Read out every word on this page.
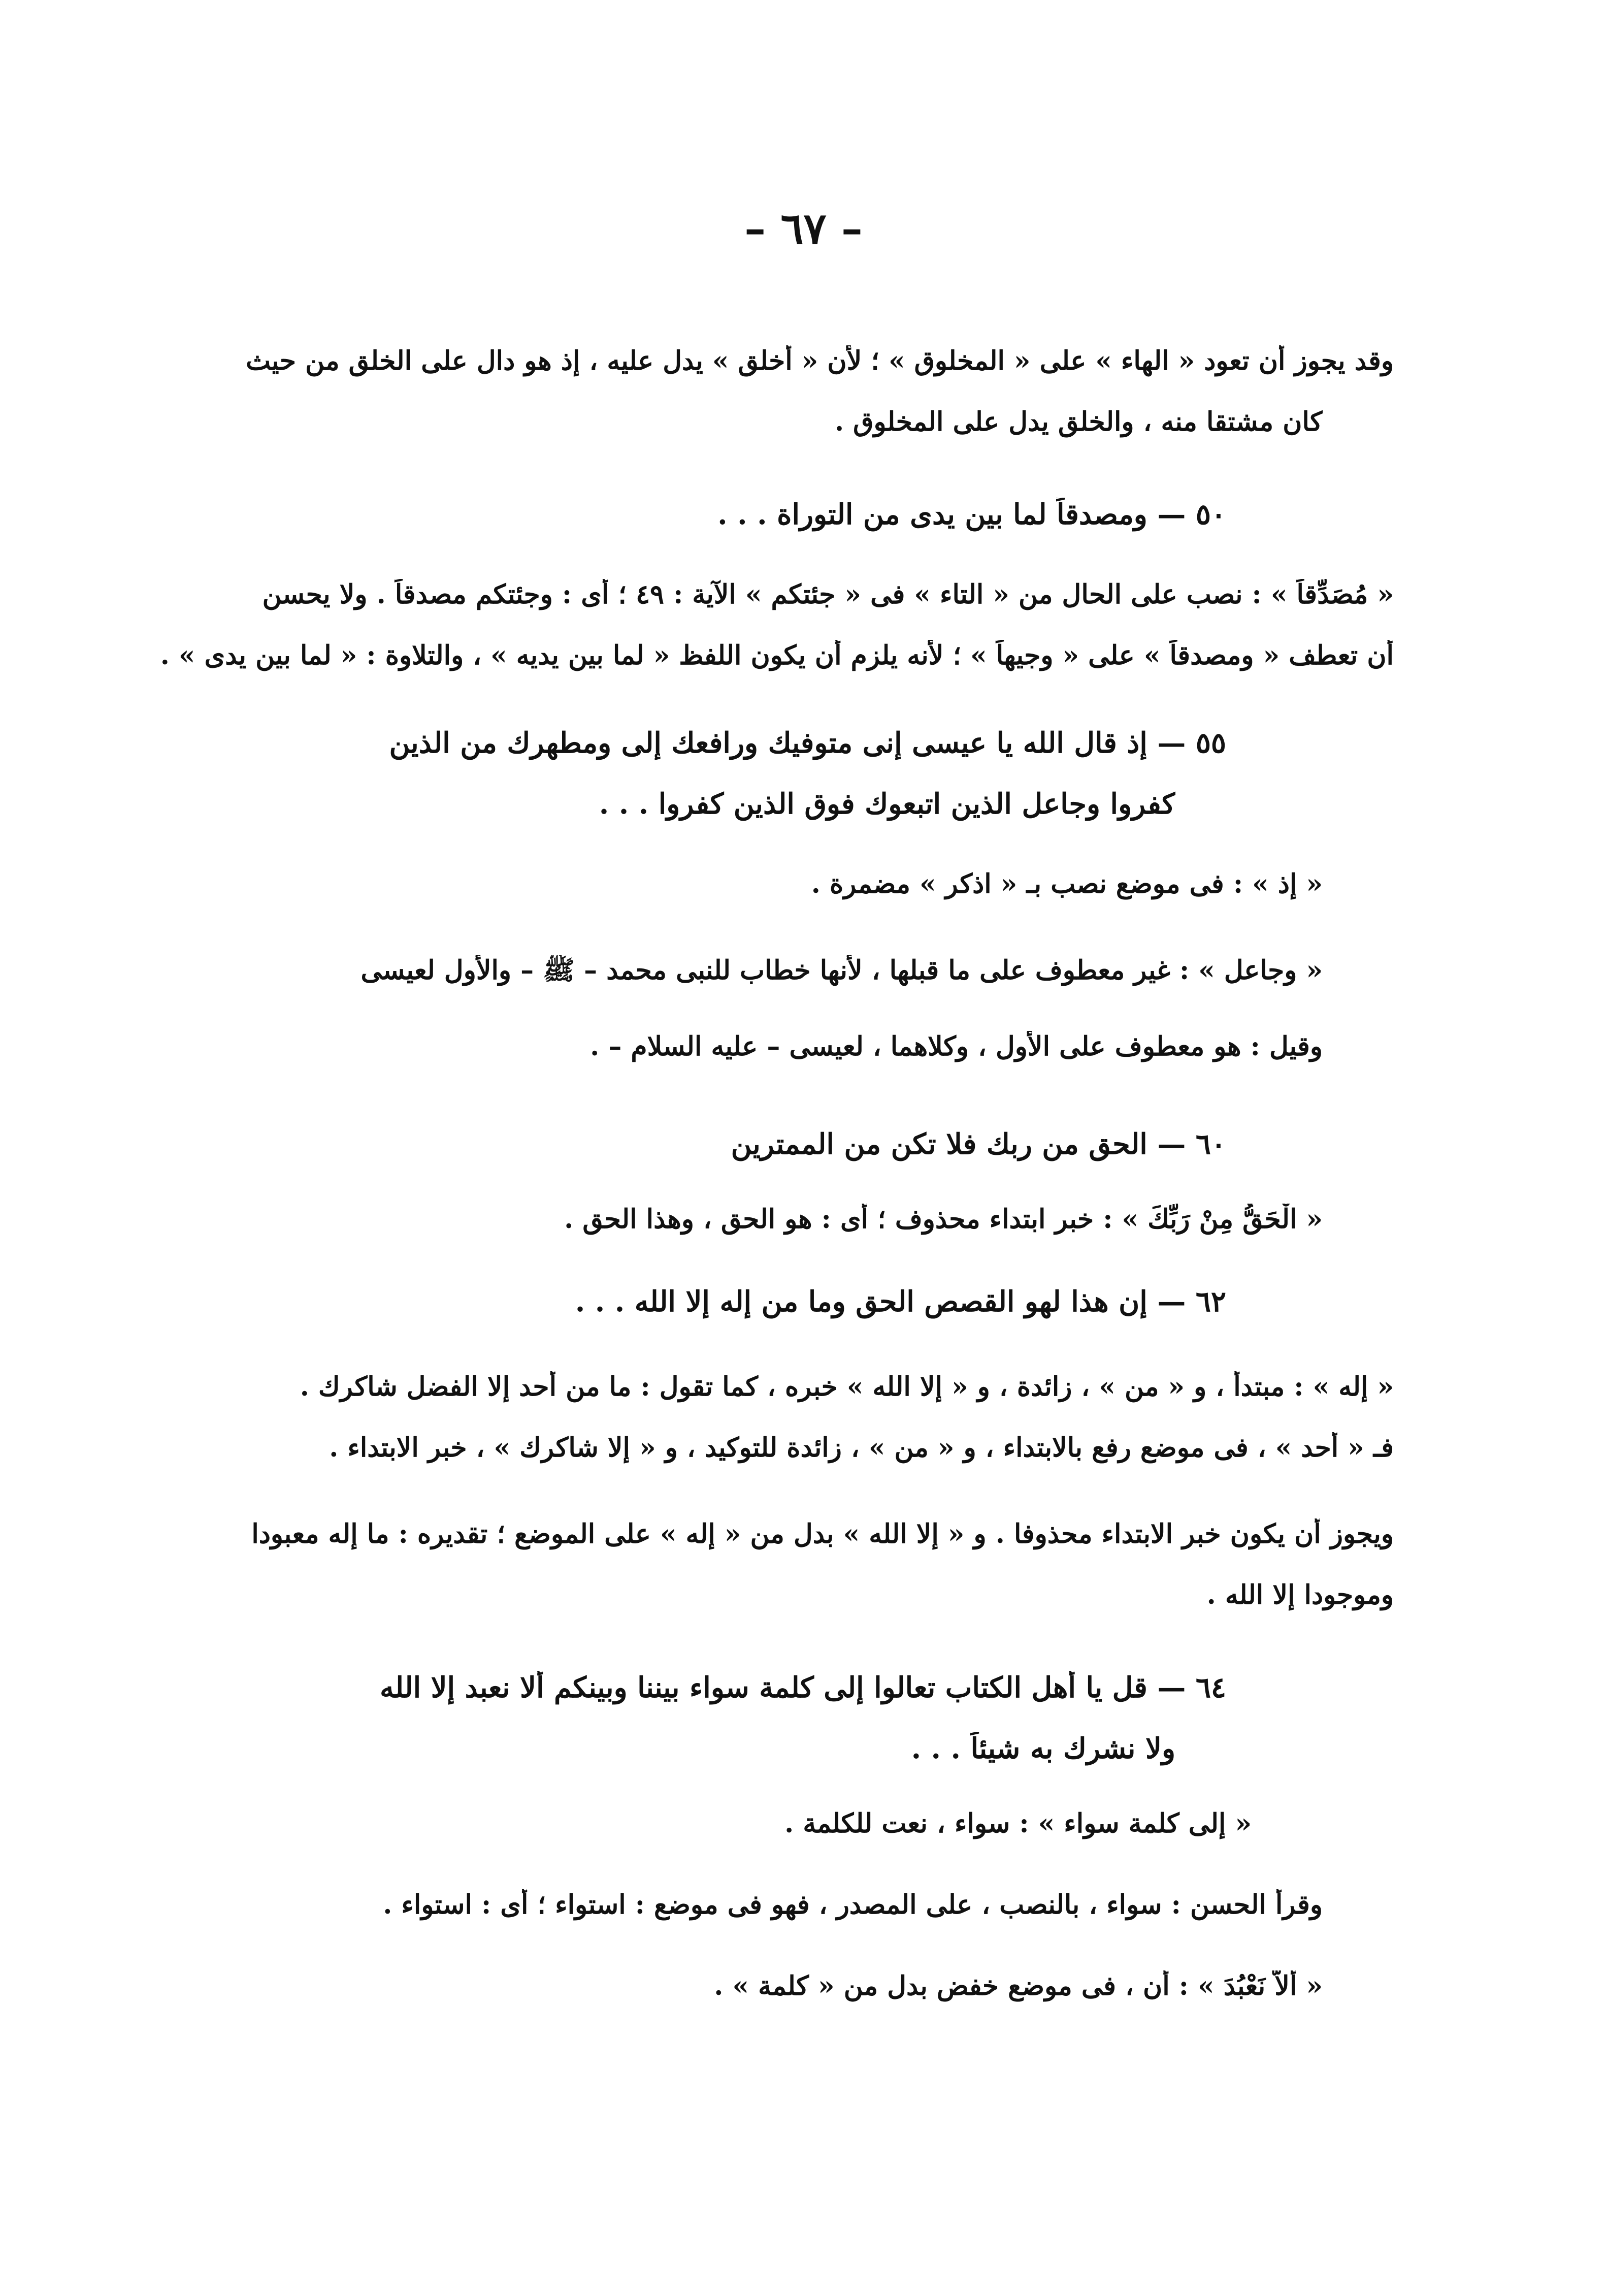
– ٦٧ –
وقد يجوز أن تعود « الهاء » على « المخلوق » ؛ لأن « أخلق » يدل عليه ، إذ هو دال على الخلق من حيث
كان مشتقا منه ، والخلق يدل على المخلوق .
٥٠ — ومصدقاً لما بين يدى من التوراة . . .
« مُصَدِّقاً » : نصب على الحال من « التاء » فى « جئتكم » الآية : ٤٩ ؛ أى : وجئتكم مصدقاً . ولا يحسن
أن تعطف « ومصدقاً » على « وجيهاً » ؛ لأنه يلزم أن يكون اللفظ « لما بين يديه » ، والتلاوة : « لما بين يدى » .
٥٥ — إذ قال الله يا عيسى إنى متوفيك ورافعك إلى ومطهرك من الذين
كفروا وجاعل الذين اتبعوك فوق الذين كفروا . . .
« إذ » : فى موضع نصب بـ « اذكر » مضمرة .
« وجاعل » : غير معطوف على ما قبلها ، لأنها خطاب للنبى محمد – ﷺ – والأول لعيسى
وقيل : هو معطوف على الأول ، وكلاهما ، لعيسى – عليه السلام – .
٦٠ — الحق من ربك فلا تكن من الممترين
« الْحَقُّ مِنْ رَبِّكَ » : خبر ابتداء محذوف ؛ أى : هو الحق ، وهذا الحق .
٦٢ — إن هذا لهو القصص الحق وما من إله إلا الله . . .
« إله » : مبتدأ ، و « من » ، زائدة ، و « إلا الله » خبره ، كما تقول : ما من أحد إلا الفضل شاكرك .
فـ « أحد » ، فى موضع رفع بالابتداء ، و « من » ، زائدة للتوكيد ، و « إلا شاكرك » ، خبر الابتداء .
ويجوز أن يكون خبر الابتداء محذوفا . و « إلا الله » بدل من « إله » على الموضع ؛ تقديره : ما إله معبودا
وموجودا إلا الله .
٦٤ — قل يا أهل الكتاب تعالوا إلى كلمة سواء بيننا وبينكم ألا نعبد إلا الله
ولا نشرك به شيئاً . . .
« إلى كلمة سواء » : سواء ، نعت للكلمة .
وقرأ الحسن : سواء ، بالنصب ، على المصدر ، فهو فى موضع : استواء ؛ أى : استواء .
« ألاَّ نَعْبُدَ » : أن ، فى موضع خفض بدل من « كلمة » .
